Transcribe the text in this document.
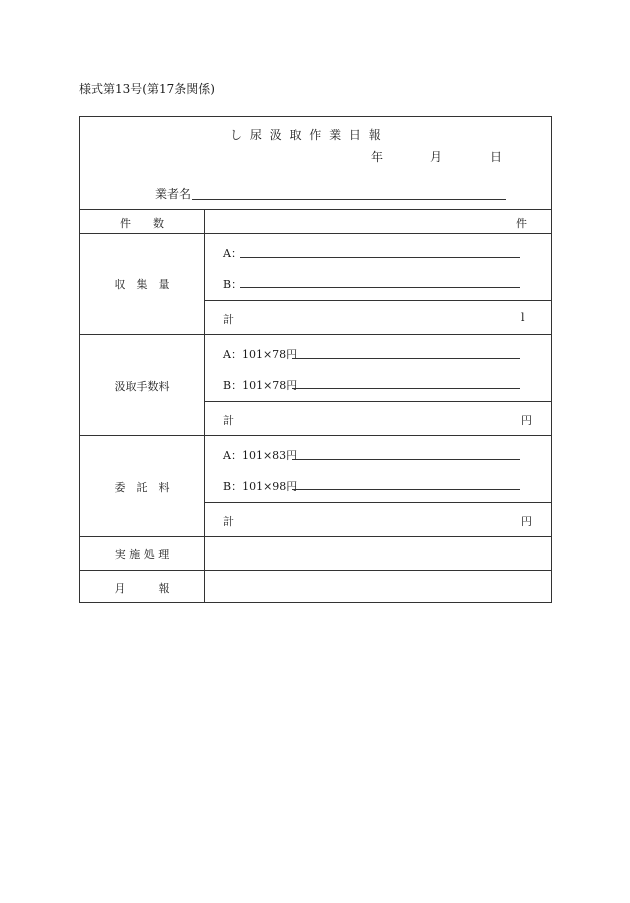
様式第13号(第17条関係)
し 尿 汲 取 作 業 日 報
年	月	日
業者名
件　　数	件
収　集　量
A：
B：
計	l
汲取手数料
A：101×78円
B：101×78円
計	円
委　託　料
A：101×83円
B：101×98円
計	円
実 施 処 理
月　　　報
